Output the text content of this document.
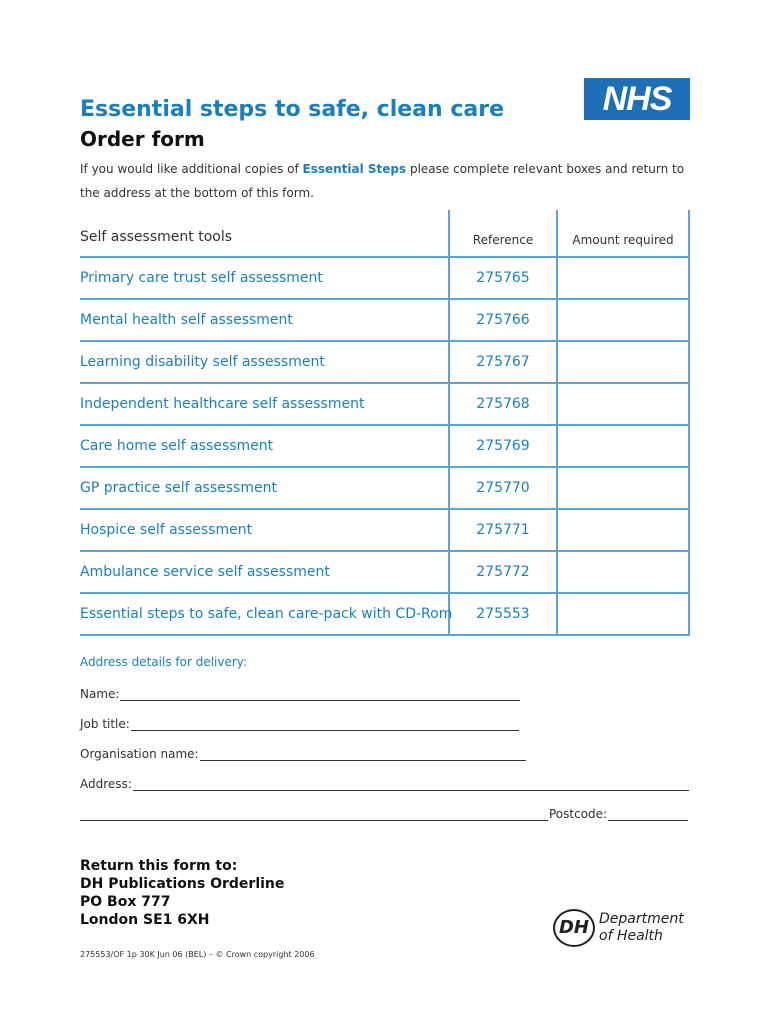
Essential steps to safe, clean care
Order form
NHS
If you would like additional copies of Essential Steps please complete relevant boxes and return to the address at the bottom of this form.
Self assessment tools	Reference	Amount required
Primary care trust self assessment	275765
Mental health self assessment	275766
Learning disability self assessment	275767
Independent healthcare self assessment	275768
Care home self assessment	275769
GP practice self assessment	275770
Hospice self assessment	275771
Ambulance service self assessment	275772
Essential steps to safe, clean care-pack with CD-Rom	275553
Address details for delivery:
Name:
Job title:
Organisation name:
Address:
Postcode:
Return this form to:
DH Publications Orderline
PO Box 777
London SE1 6XH
275553/OF 1p 30K Jun 06 (BEL) – © Crown copyright 2006
DH Department
of Health
